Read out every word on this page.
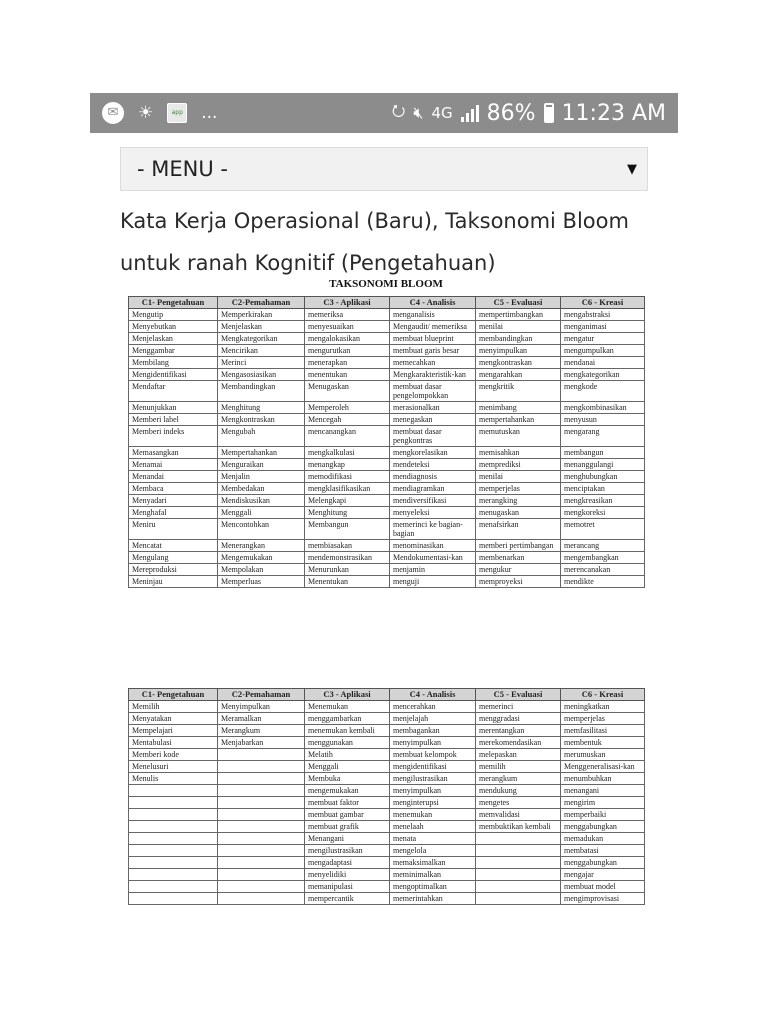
✉	☀	app ...	⭮ 🔇︎ 4G 86% 11:23 AM
- MENU -	▼
Kata Kerja Operasional (Baru), Taksonomi Bloom
untuk ranah Kognitif (Pengetahuan)
TAKSONOMI BLOOM
C1- Pengetahuan	C2-Pemahaman	C3 - Aplikasi	C4 - Analisis	C5 - Evaluasi	C6 - Kreasi
Mengutip	Memperkirakan	memeriksa	menganalisis	mempertimbangkan	mengabstraksi
Menyebutkan	Menjelaskan	menyesuaikan	Mengaudit/ memeriksa	menilai	menganimasi
Menjelaskan	Mengkategorikan	mengalokasikan	membuat blueprint	membandingkan	mengatur
Menggambar	Mencirikan	mengurutkan	membuat garis besar	menyimpulkan	mengumpulkan
Membilang	Merinci	menerapkan	memecahkan	mengkontraskan	mendanai
Mengidentifikasi	Mengasosiasikan	menentukan	Mengkarakteristik-kan	mengarahkan	mengkategorikan
Mendaftar	Membandingkan	Menugaskan	membuat dasar pengelompokkan	mengkritik	mengkode
Menunjukkan	Menghitung	Memperoleh	merasionalkan	menimbang	mengkombinasikan
Memberi label	Mengkontraskan	Mencegah	menegaskan	mempertahankan	menyusun
Memberi indeks	Mengubah	mencanangkan	membuat dasar pengkontras	memutuskan	mengarang
Memasangkan	Mempertahankan	mengkalkulasi	mengkorelasikan	memisahkan	membangun
Menamai	Menguraikan	menangkap	mendeteksi	memprediksi	menanggulangi
Menandai	Menjalin	memodifikasi	mendiagnosis	menilai	menghubungkan
Membaca	Membedakan	mengklasifikasikan	mendiagramkan	memperjelas	menciptakan
Menyadari	Mendiskusikan	Melengkapi	mendiversifikasi	merangking	mengkreasikan
Menghafal	Menggali	Menghitung	menyeleksi	menugaskan	mengkoreksi
Meniru	Mencontohkan	Membangun	memerinci ke bagian-bagian	menafsirkan	memotret
Mencatat	Menerangkan	membiasakan	menominasikan	memberi pertimbangan	merancang
Mengulang	Mengemukakan	mendemonstrasikan	Mendokumentasi-kan	membenarkan	mengembangkan
Mereproduksi	Mempolakan	Menurunkan	menjamin	mengukur	merencanakan
Meninjau	Memperluas	Menentukan	menguji	memproyeksi	mendikte
C1- Pengetahuan	C2-Pemahaman	C3 - Aplikasi	C4 - Analisis	C5 - Evaluasi	C6 - Kreasi
Memilih	Menyimpulkan	Menemukan	mencerahkan	memerinci	meningkatkan
Menyatakan	Meramalkan	menggambarkan	menjelajah	menggradasi	memperjelas
Mempelajari	Merangkum	menemukan kembali	membagankan	merentangkan	memfasilitasi
Mentabulasi	Menjabarkan	menggunakan	menyimpulkan	merekomendasikan	membentuk
Memberi kode		Melatih	membuat kelompok	melepaskan	merumuskan
Menelusuri		Menggali	mengidentifikasi	memilih	Menggeneralisasi-kan
Menulis		Membuka	mengilustrasikan	merangkum	menumbuhkan
		mengemukakan	menyimpulkan	mendukung	menangani
		membuat faktor	menginterupsi	mengetes	mengirim
		membuat gambar	menemukan	memvalidasi	memperbaiki
		membuat grafik	menelaah	membuktikan kembali	menggabungkan
		Menangani	menata		memadukan
		mengilustrasikan	mengelola		membatasi
		mengadaptasi	memaksimalkan		menggabungkan
		menyelidiki	meminimalkan		mengajar
		memanipulasi	mengoptimalkan		membuat model
		mempercantik	memerintahkan		mengimprovisasi
